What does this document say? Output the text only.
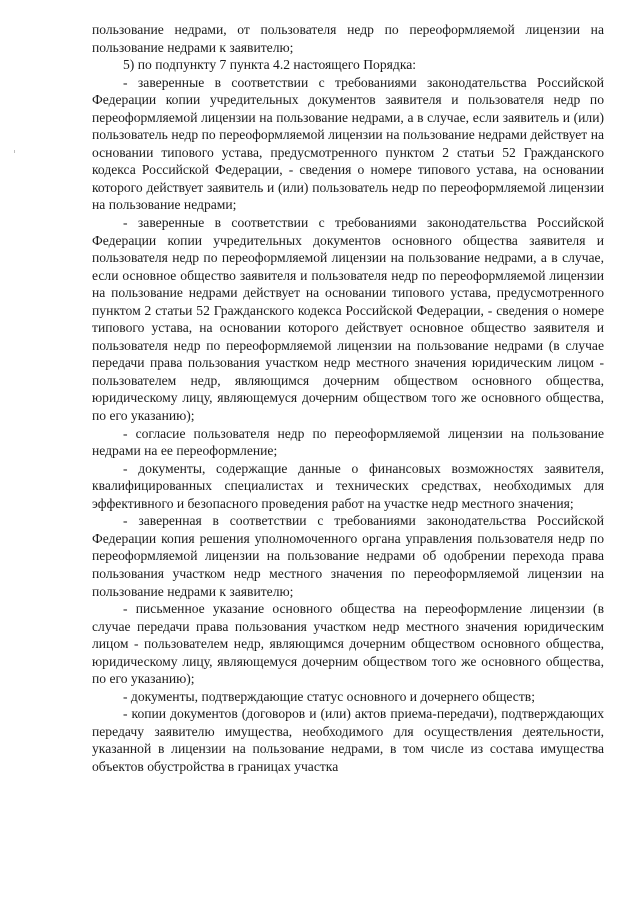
пользование недрами, от пользователя недр по переоформляемой лицензии на пользование недрами к заявителю;

5) по подпункту 7 пункта 4.2 настоящего Порядка:

- заверенные в соответствии с требованиями законодательства Российской Федерации копии учредительных документов заявителя и пользователя недр по переоформляемой лицензии на пользование недрами, а в случае, если заявитель и (или) пользователь недр по переоформляемой лицензии на пользование недрами действует на основании типового устава, предусмотренного пунктом 2 статьи 52 Гражданского кодекса Российской Федерации, - сведения о номере типового устава, на основании которого действует заявитель и (или) пользователь недр по переоформляемой лицензии на пользование недрами;

- заверенные в соответствии с требованиями законодательства Российской Федерации копии учредительных документов основного общества заявителя и пользователя недр по переоформляемой лицензии на пользование недрами, а в случае, если основное общество заявителя и пользователя недр по переоформляемой лицензии на пользование недрами действует на основании типового устава, предусмотренного пунктом 2 статьи 52 Гражданского кодекса Российской Федерации, - сведения о номере типового устава, на основании которого действует основное общество заявителя и пользователя недр по переоформляемой лицензии на пользование недрами (в случае передачи права пользования участком недр местного значения юридическим лицом - пользователем недр, являющимся дочерним обществом основного общества, юридическому лицу, являющемуся дочерним обществом того же основного общества, по его указанию);

- согласие пользователя недр по переоформляемой лицензии на пользование недрами на ее переоформление;

- документы, содержащие данные о финансовых возможностях заявителя, квалифицированных специалистах и технических средствах, необходимых для эффективного и безопасного проведения работ на участке недр местного значения;

- заверенная в соответствии с требованиями законодательства Российской Федерации копия решения уполномоченного органа управления пользователя недр по переоформляемой лицензии на пользование недрами об одобрении перехода права пользования участком недр местного значения по переоформляемой лицензии на пользование недрами к заявителю;

- письменное указание основного общества на переоформление лицензии (в случае передачи права пользования участком недр местного значения юридическим лицом - пользователем недр, являющимся дочерним обществом основного общества, юридическому лицу, являющемуся дочерним обществом того же основного общества, по его указанию);

- документы, подтверждающие статус основного и дочернего обществ;

- копии документов (договоров и (или) актов приема-передачи), подтверждающих передачу заявителю имущества, необходимого для осуществления деятельности, указанной в лицензии на пользование недрами, в том числе из состава имущества объектов обустройства в границах участка
